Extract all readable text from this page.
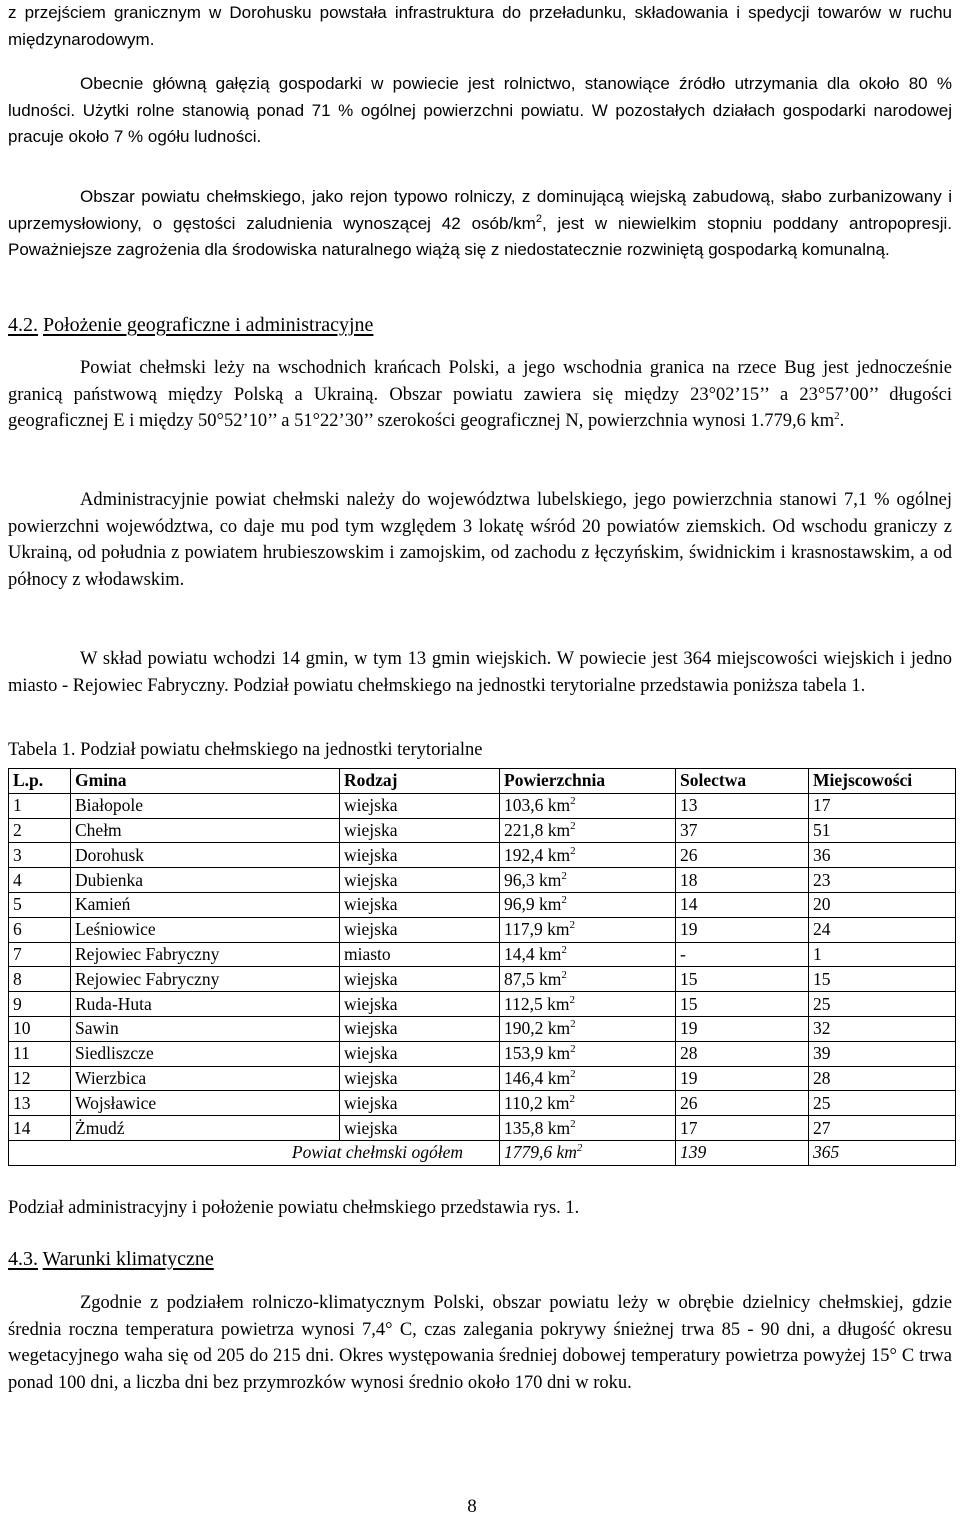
z przejściem granicznym w Dorohusku powstała infrastruktura do przeładunku, składowania i spedycji towarów w ruchu międzynarodowym.

Obecnie główną gałęzią gospodarki w powiecie jest rolnictwo, stanowiące źródło utrzymania dla około 80 % ludności. Użytki rolne stanowią ponad 71 % ogólnej powierzchni powiatu. W pozostałych działach gospodarki narodowej pracuje około 7 % ogółu ludności.

Obszar powiatu chełmskiego, jako rejon typowo rolniczy, z dominującą wiejską zabudową, słabo zurbanizowany i uprzemysłowiony, o gęstości zaludnienia wynoszącej 42 osób/$km^2$, jest w niewielkim stopniu poddany antropopresji. Poważniejsze zagrożenia dla środowiska naturalnego wiążą się z niedostatecznie rozwiniętą gospodarką komunalną.

4.2. Położenie geograficzne i administracyjne

Powiat chełmski leży na wschodnich krańcach Polski, a jego wschodnia granica na rzece Bug jest jednocześnie granicą państwową między Polską a Ukrainą. Obszar powiatu zawiera się między 23°02’15’’ a 23°57’00’’ długości geograficznej E i między 50°52’10’’ a 51°22’30’’ szerokości geograficznej N, powierzchnia wynosi 1.779,6 $km^2$.

Administracyjnie powiat chełmski należy do województwa lubelskiego, jego powierzchnia stanowi 7,1 % ogólnej powierzchni województwa, co daje mu pod tym względem 3 lokatę wśród 20 powiatów ziemskich. Od wschodu graniczy z Ukrainą, od południa z powiatem hrubieszowskim i zamojskim, od zachodu z łęczyńskim, świdnickim i krasnostawskim, a od północy z włodawskim.

W skład powiatu wchodzi 14 gmin, w tym 13 gmin wiejskich. W powiecie jest 364 miejscowości wiejskich i jedno miasto - Rejowiec Fabryczny. Podział powiatu chełmskiego na jednostki terytorialne przedstawia poniższa tabela 1.

Tabela 1. Podział powiatu chełmskiego na jednostki terytorialne

L.p.	Gmina	Rodzaj	Powierzchnia	Solectwa	Miejscowości
1	Białopole	wiejska	103,6 $km^2$	13	17
2	Chełm	wiejska	221,8 $km^2$	37	51
3	Dorohusk	wiejska	192,4 $km^2$	26	36
4	Dubienka	wiejska	96,3 $km^2$	18	23
5	Kamień	wiejska	96,9 $km^2$	14	20
6	Leśniowice	wiejska	117,9 $km^2$	19	24
7	Rejowiec Fabryczny	miasto	14,4 $km^2$	-	1
8	Rejowiec Fabryczny	wiejska	87,5 $km^2$	15	15
9	Ruda-Huta	wiejska	112,5 $km^2$	15	25
10	Sawin	wiejska	190,2 $km^2$	19	32
11	Siedliszcze	wiejska	153,9 $km^2$	28	39
12	Wierzbica	wiejska	146,4 $km^2$	19	28
13	Wojsławice	wiejska	110,2 $km^2$	26	25
14	Żmudź	wiejska	135,8 $km^2$	17	27
Powiat chełmski ogółem			1779,6 $km^2$	139	365

Podział administracyjny i położenie powiatu chełmskiego przedstawia rys. 1.

4.3. Warunki klimatyczne

Zgodnie z podziałem rolniczo-klimatycznym Polski, obszar powiatu leży w obrębie dzielnicy chełmskiej, gdzie średnia roczna temperatura powietrza wynosi 7,4° C, czas zalegania pokrywy śnieżnej trwa 85 - 90 dni, a długość okresu wegetacyjnego waha się od 205 do 215 dni. Okres występowania średniej dobowej temperatury powietrza powyżej 15° C trwa ponad 100 dni, a liczba dni bez przymrozków wynosi średnio około 170 dni w roku.

8
